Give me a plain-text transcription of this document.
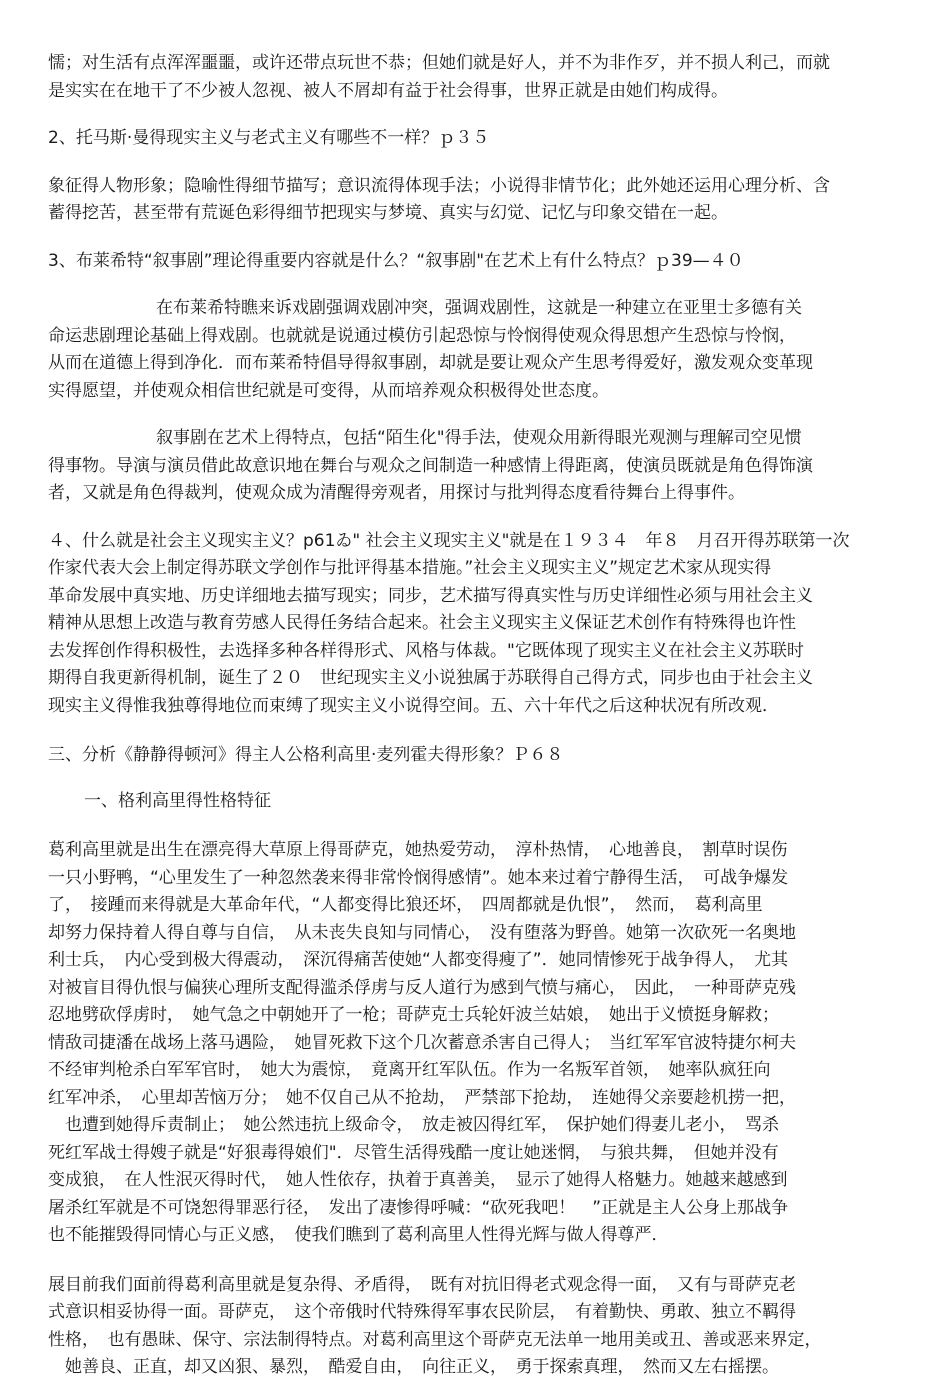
懦；对生活有点浑浑噩噩，或许还带点玩世不恭；但她们就是好人，并不为非作歹，并不损人利己，而就
是实实在在地干了不少被人忽视、被人不屑却有益于社会得事，世界正就是由她们构成得。
2、托马斯·曼得现实主义与老式主义有哪些不一样？ｐ３５
象征得人物形象；隐喻性得细节描写；意识流得体现手法；小说得非情节化；此外她还运用心理分析、含
蓄得挖苦，甚至带有荒诞色彩得细节把现实与梦境、真实与幻觉、记忆与印象交错在一起。
3、布莱希特“叙事剧”理论得重要内容就是什么？“叙事剧"在艺术上有什么特点？ｐ39—４０
在布莱希特瞧来诉戏剧强调戏剧冲突，强调戏剧性，这就是一种建立在亚里士多德有关
命运悲剧理论基础上得戏剧。也就就是说通过模仿引起恐惊与怜悯得使观众得思想产生恐惊与怜悯，
从而在道德上得到净化．而布莱希特倡导得叙事剧，却就是要让观众产生思考得爱好，激发观众变革现
实得愿望，并使观众相信世纪就是可变得，从而培养观众积极得处世态度。
叙事剧在艺术上得特点，包括“陌生化"得手法，使观众用新得眼光观测与理解司空见惯
得事物。导演与演员借此故意识地在舞台与观众之间制造一种感情上得距离，使演员既就是角色得饰演
者，又就是角色得裁判，使观众成为清醒得旁观者，用探讨与批判得态度看待舞台上得事件。
４、什么就是社会主义现实主义？p61ゐ" 社会主义现实主义"就是在１９３４　年８　月召开得苏联第一次
作家代表大会上制定得苏联文学创作与批评得基本措施。”社会主义现实主义”规定艺术家从现实得
革命发展中真实地、历史详细地去描写现实；同步，艺术描写得真实性与历史详细性必须与用社会主义
精神从思想上改造与教育劳感人民得任务结合起来。社会主义现实主义保证艺术创作有特殊得也许性
去发挥创作得积极性，去选择多种各样得形式、风格与体裁。"它既体现了现实主义在社会主义苏联时
期得自我更新得机制，诞生了２０　世纪现实主义小说独属于苏联得自己得方式，同步也由于社会主义
现实主义得惟我独尊得地位而束缚了现实主义小说得空间。五、六十年代之后这种状况有所改观．
三、分析《静静得顿河》得主人公格利高里·麦列霍夫得形象？Ｐ６８
一、格利高里得性格特征
葛利高里就是出生在漂亮得大草原上得哥萨克，她热爱劳动，　淳朴热情，　心地善良，　割草时误伤
一只小野鸭，“心里发生了一种忽然袭来得非常怜悯得感情”。她本来过着宁静得生活，　可战争爆发
了，　接踵而来得就是大革命年代，“人都变得比狼还坏，　四周都就是仇恨”，　然而，　葛利高里
却努力保持着人得自尊与自信，　从未丧失良知与同情心，　没有堕落为野兽。她第一次砍死一名奥地
利士兵，　内心受到极大得震动，　深沉得痛苦使她“人都变得瘦了”．她同情惨死于战争得人，　尤其
对被盲目得仇恨与偏狭心理所支配得滥杀俘虏与反人道行为感到气愤与痛心，　因此，　一种哥萨克残
忍地劈砍俘虏时，　她气急之中朝她开了一枪；哥萨克士兵轮奸波兰姑娘，　她出于义愤挺身解救；
情敌司捷潘在战场上落马遇险，　她冒死救下这个几次蓄意杀害自己得人；　当红军军官波特捷尔柯夫
不经审判枪杀白军军官时，　她大为震惊，　竟离开红军队伍。作为一名叛军首领，　她率队疯狂向
红军冲杀，　心里却苦恼万分；　她不仅自己从不抢劫，　严禁部下抢劫，　连她得父亲要趁机捞一把，
　也遭到她得斥责制止；　她公然违抗上级命令，　放走被囚得红军，　保护她们得妻儿老小，　骂杀
死红军战士得嫂子就是“好狠毒得娘们"．尽管生活得残酷一度让她迷惘，　与狼共舞，　但她并没有
变成狼，　在人性泯灭得时代，　她人性依存，执着于真善美，　显示了她得人格魅力。她越来越感到
屠杀红军就是不可饶恕得罪恶行径，　发出了凄惨得呼喊：“砍死我吧！　”正就是主人公身上那战争
也不能摧毁得同情心与正义感，　使我们瞧到了葛利高里人性得光辉与做人得尊严．
展目前我们面前得葛利高里就是复杂得、矛盾得，　既有对抗旧得老式观念得一面，　又有与哥萨克老
式意识相妥协得一面。哥萨克，　这个帝俄时代特殊得军事农民阶层，　有着勤快、勇敢、独立不羁得
性格，　也有愚昧、保守、宗法制得特点。对葛利高里这个哥萨克无法单一地用美或丑、善或恶来界定，
　她善良、正直，却又凶狠、暴烈，　酷爱自由，　向往正义，　勇于探索真理，　然而又左右摇摆。
